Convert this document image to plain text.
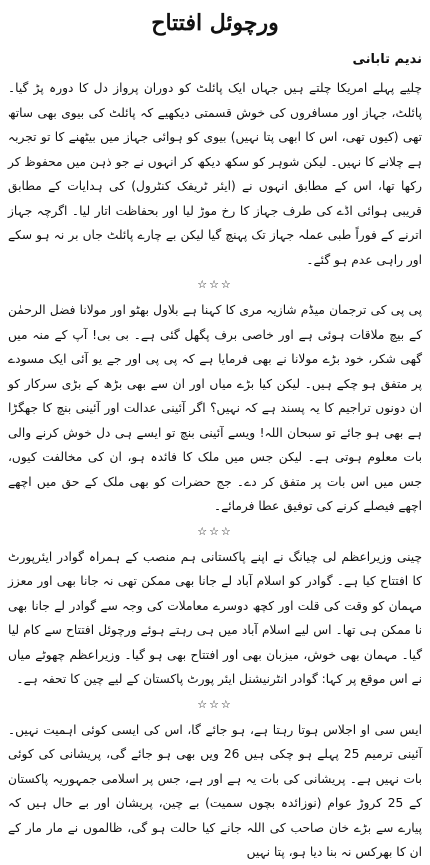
ورچوئل افتتاح
ندیم تابانی

چلیے پہلے امریکا چلتے ہیں جہاں ایک پائلٹ کو دوران پرواز دل کا دورہ پڑ گیا۔ پائلٹ، جہاز اور مسافروں کی خوش قسمتی دیکھیے کہ پائلٹ کی بیوی بھی ساتھ تھی (کیوں تھی، اس کا ابھی پتا نہیں) بیوی کو ہوائی جہاز میں بیٹھنے کا تو تجربہ ہے چلانے کا نہیں۔ لیکن شوہر کو سکھ دیکھ کر انہوں نے جو ذہن میں محفوظ کر رکھا تھا، اس کے مطابق انہوں نے (ایئر ٹریفک کنٹرول) کی ہدایات کے مطابق قریبی ہوائی اڈے کی طرف جہاز کا رخ موڑ لیا اور بحفاظت اتار لیا۔ اگرچہ جہاز اترنے کے فوراً طبی عملہ جہاز تک پہنچ گیا لیکن بے چارے پائلٹ جاں بر نہ ہو سکے اور راہی عدم ہو گئے۔

☆☆☆

پی پی کی ترجمان میڈم شازیہ مری کا کہنا ہے بلاول بھٹو اور مولانا فضل الرحمٰن کے بیچ ملاقات ہوئی ہے اور خاصی برف پگھل گئی ہے۔ بی بی! آپ کے منہ میں گھی شکر، خود بڑے مولانا نے بھی فرمایا ہے کہ پی پی اور جے یو آئی ایک مسودے پر متفق ہو چکے ہیں۔ لیکن کیا بڑے میاں اور ان سے بھی بڑھ کے بڑی سرکار کو ان دونوں تراجیم کا یہ پسند ہے کہ نہیں؟ اگر آئینی عدالت اور آئینی بنچ کا جھگڑا ہے بھی ہو جائے تو سبحان اللہ! ویسے آئینی بنچ تو ایسے ہی دل خوش کرنے والی بات معلوم ہوتی ہے۔ لیکن جس میں ملک کا فائدہ ہو، ان کی مخالفت کیوں، جس میں اس بات پر متفق کر دے۔ جج حضرات کو بھی ملک کے حق میں اچھے اچھے فیصلے کرنے کی توفیق عطا فرمائے۔

☆☆☆

چینی وزیراعظم لی چیانگ نے اپنے پاکستانی ہم منصب کے ہمراہ گوادر ایئرپورٹ کا افتتاح کیا ہے۔ گوادر کو اسلام آباد لے جانا بھی ممکن تھی نہ جانا بھی اور معزز مہمان کو وقت کی قلت اور کچھ دوسرے معاملات کی وجہ سے گوادر لے جانا بھی نا ممکن ہی تھا۔ اس لیے اسلام آباد میں ہی رہتے ہوئے ورچوئل افتتاح سے کام لیا گیا۔ مہمان بھی خوش، میزبان بھی اور افتتاح بھی ہو گیا۔ وزیراعظم چھوٹے میاں نے اس موقع پر کہا: گوادر انٹرنیشنل ایئر پورٹ پاکستان کے لیے چین کا تحفہ ہے۔

☆☆☆

ایس سی او اجلاس ہوتا رہتا ہے، ہو جائے گا، اس کی ایسی کوئی اہمیت نہیں۔ آئینی ترمیم 25 پہلے ہو چکی ہیں 26 ویں بھی ہو جائے گی، پریشانی کی کوئی بات نہیں ہے۔ پریشانی کی بات یہ ہے اور ہے، جس پر اسلامی جمہوریہ پاکستان کے 25 کروڑ عوام (نوزائدہ بچوں سمیت) بے چین، پریشان اور بے حال ہیں کہ پیارے سے بڑے خان صاحب کی اللہ جانے کیا حالت ہو گی، ظالموں نے مار مار کے ان کا بھرکس نہ بنا دیا ہو، پتا نہیں
